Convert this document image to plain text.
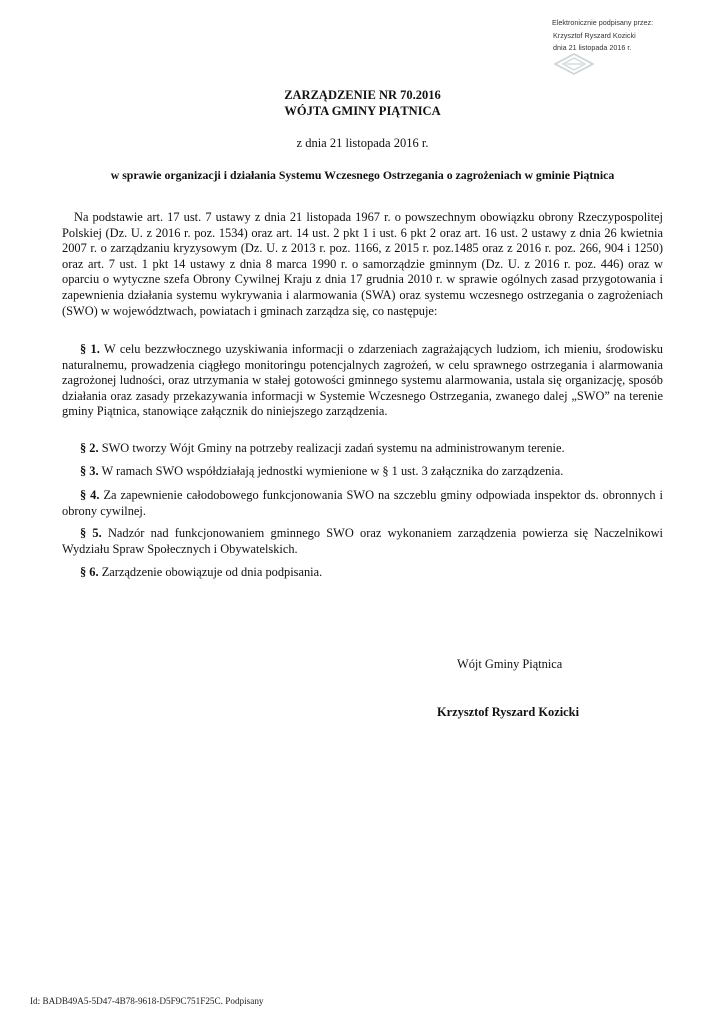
Elektronicznie podpisany przez:
Krzysztof Ryszard Kozicki
dnia 21 listopada 2016 r.
ZARZĄDZENIE NR 70.2016
WÓJTA GMINY PIĄTNICA
z dnia 21 listopada 2016 r.
w sprawie organizacji i działania Systemu Wczesnego Ostrzegania o zagrożeniach w gminie Piątnica

Na podstawie art. 17 ust. 7 ustawy z dnia 21 listopada 1967 r. o powszechnym obowiązku obrony Rzeczypospolitej Polskiej (Dz. U. z 2016 r. poz. 1534) oraz art. 14 ust. 2 pkt 1 i ust. 6 pkt 2 oraz art. 16 ust. 2 ustawy z dnia 26 kwietnia 2007 r. o zarządzaniu kryzysowym (Dz. U. z 2013 r. poz. 1166, z 2015 r. poz.1485 oraz z 2016 r. poz. 266, 904 i 1250) oraz art. 7 ust. 1 pkt 14 ustawy z dnia 8 marca 1990 r. o samorządzie gminnym (Dz. U. z 2016 r. poz. 446) oraz w oparciu o wytyczne szefa Obrony Cywilnej Kraju z dnia 17 grudnia 2010 r. w sprawie ogólnych zasad przygotowania i zapewnienia działania systemu wykrywania i alarmowania (SWA) oraz systemu wczesnego ostrzegania o zagrożeniach (SWO) w województwach, powiatach i gminach zarządza się, co następuje:

§ 1. W celu bezzwłocznego uzyskiwania informacji o zdarzeniach zagrażających ludziom, ich mieniu, środowisku naturalnemu, prowadzenia ciągłego monitoringu potencjalnych zagrożeń, w celu sprawnego ostrzegania i alarmowania zagrożonej ludności, oraz utrzymania w stałej gotowości gminnego systemu alarmowania, ustala się organizację, sposób działania oraz zasady przekazywania informacji w Systemie Wczesnego Ostrzegania, zwanego dalej „SWO” na terenie gminy Piątnica, stanowiące załącznik do niniejszego zarządzenia.

§ 2. SWO tworzy Wójt Gminy na potrzeby realizacji zadań systemu na administrowanym terenie.

§ 3. W ramach SWO współdziałają jednostki wymienione w § 1 ust. 3 załącznika do zarządzenia.

§ 4. Za zapewnienie całodobowego funkcjonowania SWO na szczeblu gminy odpowiada inspektor ds. obronnych i obrony cywilnej.

§ 5. Nadzór nad funkcjonowaniem gminnego SWO oraz wykonaniem zarządzenia powierza się Naczelnikowi Wydziału Spraw Społecznych i Obywatelskich.

§ 6. Zarządzenie obowiązuje od dnia podpisania.

Wójt Gminy Piątnica
Krzysztof Ryszard Kozicki
Id: BADB49A5-5D47-4B78-9618-D5F9C751F25C. Podpisany
